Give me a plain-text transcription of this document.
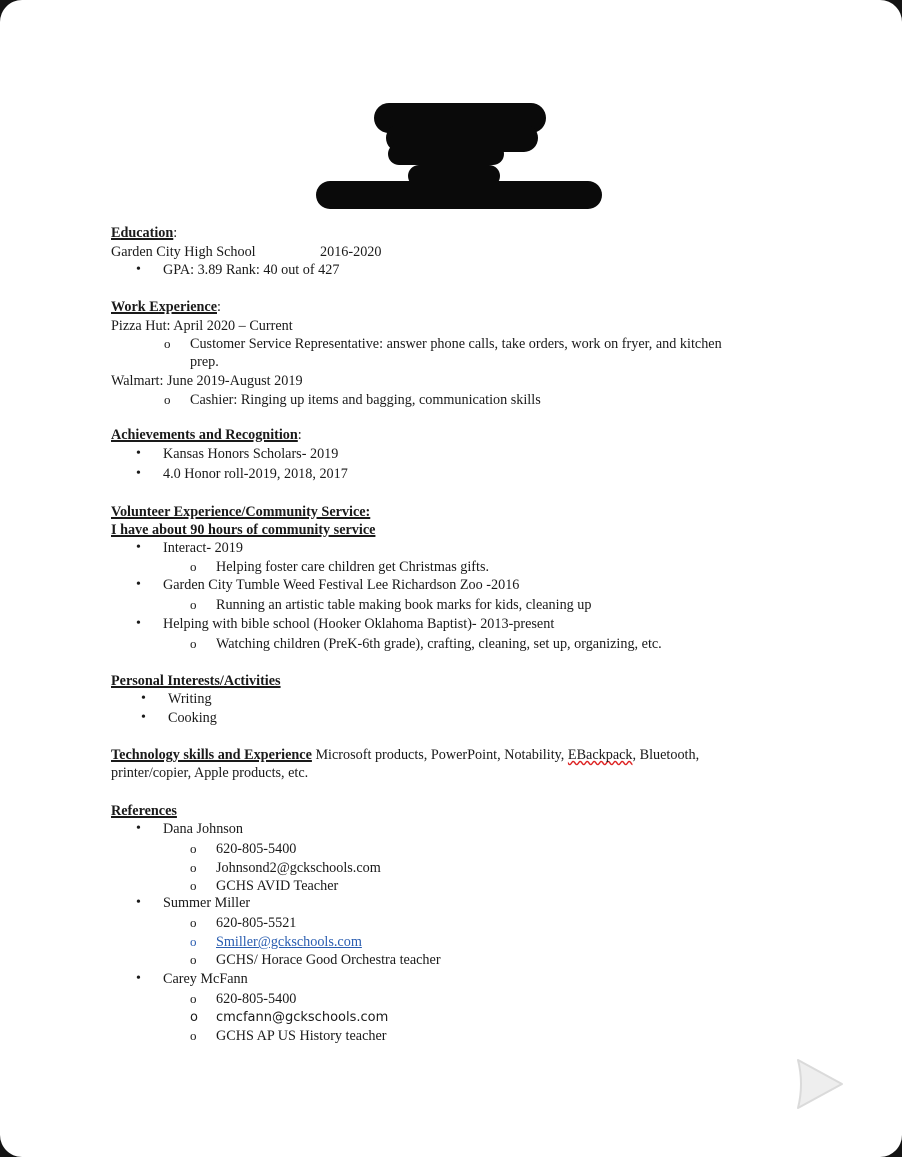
Education:
Garden City High School	2016-2020
• GPA: 3.89 Rank: 40 out of 427
Work Experience:
Pizza Hut: April 2020 – Current
o Customer Service Representative: answer phone calls, take orders, work on fryer, and kitchen
prep.
Walmart: June 2019-August 2019
o Cashier: Ringing up items and bagging, communication skills
Achievements and Recognition:
• Kansas Honors Scholars- 2019
• 4.0 Honor roll-2019, 2018, 2017
Volunteer Experience/Community Service:
I have about 90 hours of community service
• Interact- 2019
o Helping foster care children get Christmas gifts.
• Garden City Tumble Weed Festival Lee Richardson Zoo -2016
o Running an artistic table making book marks for kids, cleaning up
• Helping with bible school (Hooker Oklahoma Baptist)- 2013-present
o Watching children (PreK-6th grade), crafting, cleaning, set up, organizing, etc.
Personal Interests/Activities
• Writing
• Cooking
Technology skills and Experience Microsoft products, PowerPoint, Notability, EBackpack, Bluetooth,
printer/copier, Apple products, etc.
References
• Dana Johnson
o 620-805-5400
o Johnsond2@gckschools.com
o GCHS AVID Teacher
• Summer Miller
o 620-805-5521
o Smiller@gckschools.com
o GCHS/ Horace Good Orchestra teacher
• Carey McFann
o 620-805-5400
o cmcfann@gckschools.com
o GCHS AP US History teacher
